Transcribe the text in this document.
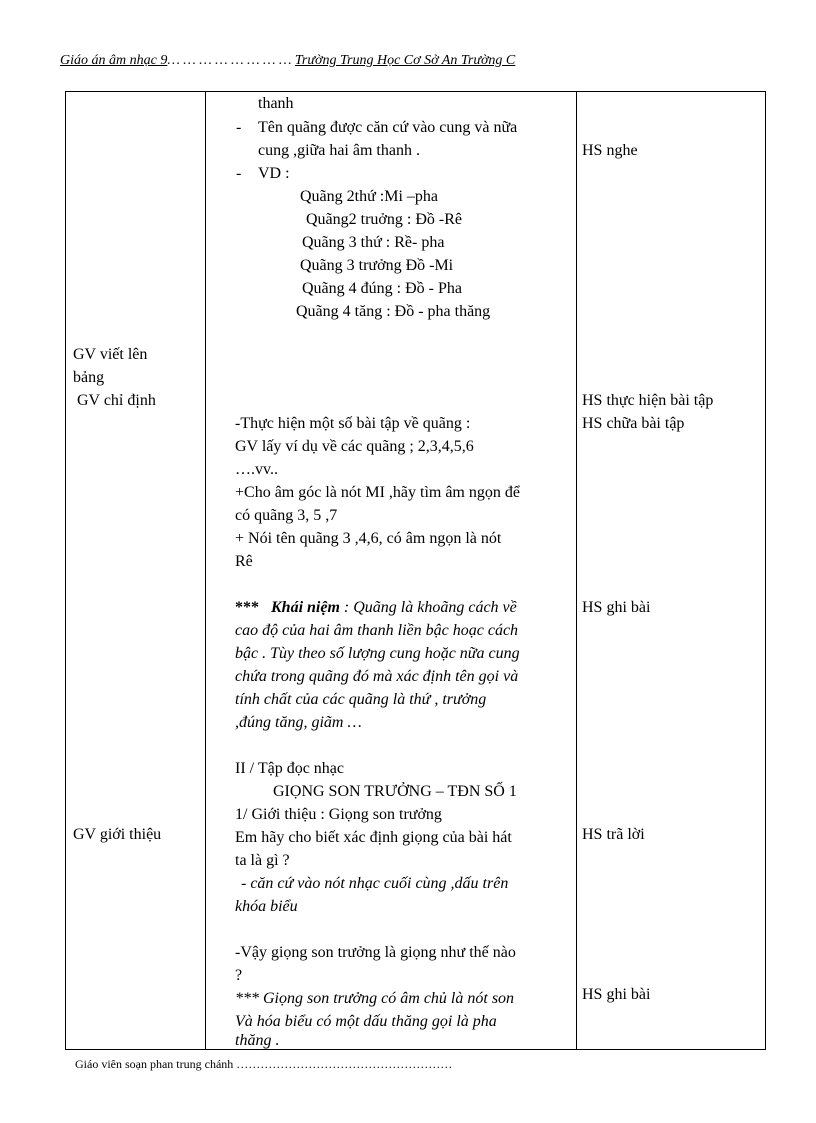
Giáo án âm nhạc 9… … … … … … … … Trường Trung Học Cơ Sở An Trường C
GV viết lên
bảng
GV chỉ định
GV giới thiệu
thanh
- Tên quãng được căn cứ vào cung và nữa
cung ,giữa hai âm thanh .
- VD :
Quãng 2thứ :Mi –pha
Quãng2 truởng : Đồ -Rê
Quãng 3 thứ : Rề- pha
Quãng 3 trưởng Đồ -Mi
Quãng 4 đúng : Đồ - Pha
Quãng 4 tăng : Đồ - pha thăng
-Thực hiện một số bài tập về quãng :
GV lấy ví dụ về các quãng ; 2,3,4,5,6
….vv..
+Cho âm góc là nót MI ,hãy tìm âm ngọn để
có quãng 3, 5 ,7
+ Nói tên quãng 3 ,4,6, có âm ngọn là nót
Rê
*** Khái niệm : Quãng là khoãng cách về
cao độ của hai âm thanh liền bậc hoạc cách
bậc . Tùy theo số lượng cung hoặc nữa cung
chứa trong quãng đó mà xác định tên gọi và
tính chất của các quãng là thứ , trưởng
,đúng tăng, giãm …
II / Tập đọc nhạc
GIỌNG SON TRƯỞNG – TĐN SỐ 1
1/ Giới thiệu : Giọng son trưởng
Em hãy cho biết xác định giọng của bài hát
ta là gì ?
- căn cứ vào nót nhạc cuối cùng ,dấu trên
khóa biểu
-Vậy giọng son trưởng là giọng như thế nào
?
*** Giọng son trưởng có âm chủ là nót son
Và hóa biểu có một dấu thăng gọi là pha
thăng .
HS nghe
HS thực hiện bài tập
HS chữa bài tập
HS ghi bài
HS trã lời
HS ghi bài
Giáo viên soạn phan trung chánh ………………………………………………
